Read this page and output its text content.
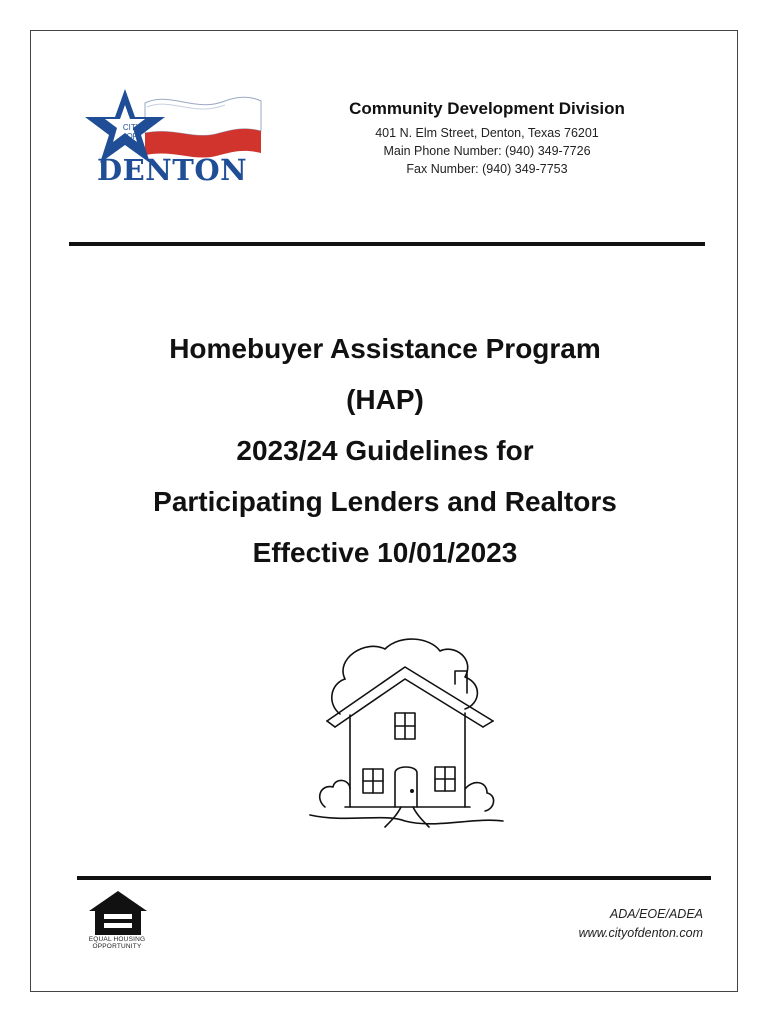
CITY OF
DENTON
Community Development Division
401 N. Elm Street, Denton, Texas 76201
Main Phone Number: (940) 349-7726
Fax Number: (940) 349-7753
Homebuyer Assistance Program
(HAP)
2023/24 Guidelines for
Participating Lenders and Realtors
Effective 10/01/2023
EQUAL HOUSING OPPORTUNITY
ADA/EOE/ADEA
www.cityofdenton.com
